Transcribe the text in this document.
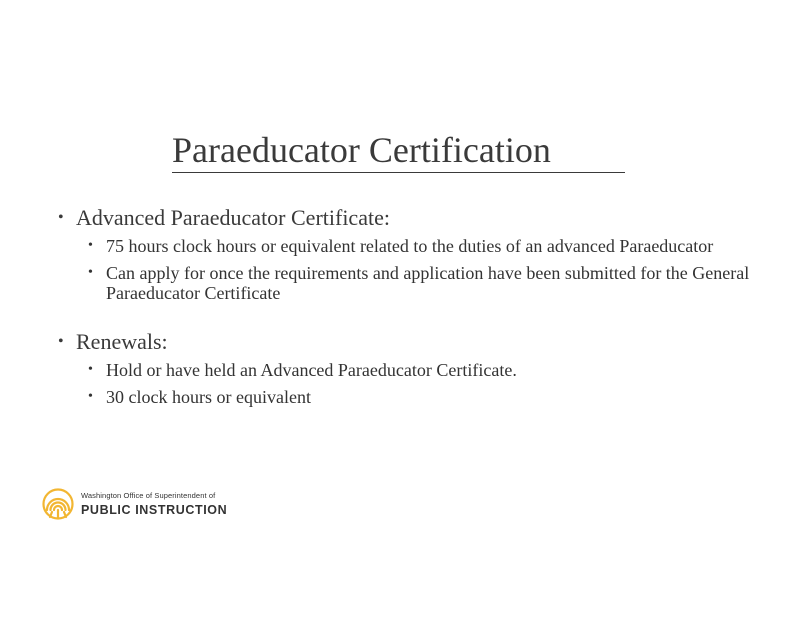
Paraeducator Certification
• Advanced Paraeducator Certificate:
• 75 hours clock hours or equivalent related to the duties of an advanced Paraeducator
• Can apply for once the requirements and application have been submitted for the General Paraeducator Certificate
• Renewals:
• Hold or have held an Advanced Paraeducator Certificate.
• 30 clock hours or equivalent
Washington Office of Superintendent of
PUBLIC INSTRUCTION
